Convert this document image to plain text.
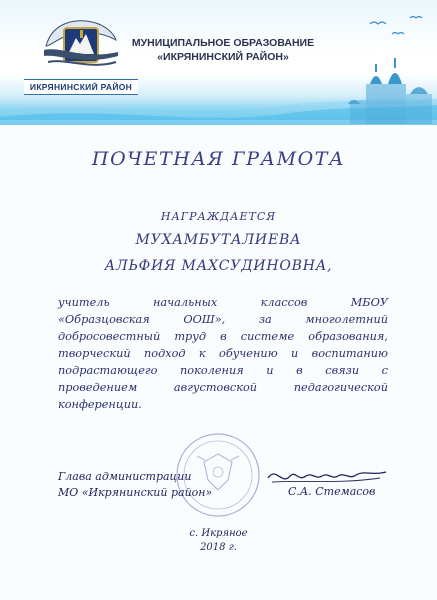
ИКРЯНИНСКИЙ РАЙОН
МУНИЦИПАЛЬНОЕ ОБРАЗОВАНИЕ
«ИКРЯНИНСКИЙ РАЙОН»
ПОЧЕТНАЯ ГРАМОТА
НАГРАЖДАЕТСЯ
МУХАМБУТАЛИЕВА
АЛЬФИЯ МАХСУДИНОВНА,
учитель начальных классов МБОУ
«Образцовская ООШ», за многолетний
добросовестный труд в системе образования,
творческий подход к обучению и воспитанию
подрастающего поколения и в связи с
проведением августовской педагогической
конференции.
Глава администрации
МО «Икрянинский район»	С.А. Стемасов
с. Икряное
2018 г.
